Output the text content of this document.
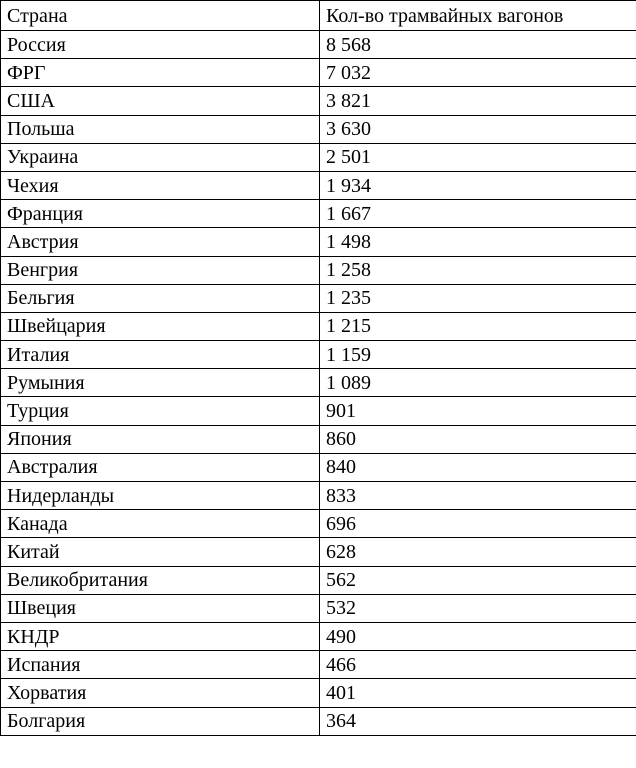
Страна	Кол-во трамвайных вагонов
Россия	8 568
ФРГ	7 032
США	3 821
Польша	3 630
Украина	2 501
Чехия	1 934
Франция	1 667
Австрия	1 498
Венгрия	1 258
Бельгия	1 235
Швейцария	1 215
Италия	1 159
Румыния	1 089
Турция	901
Япония	860
Австралия	840
Нидерланды	833
Канада	696
Китай	628
Великобритания	562
Швеция	532
КНДР	490
Испания	466
Хорватия	401
Болгария	364
